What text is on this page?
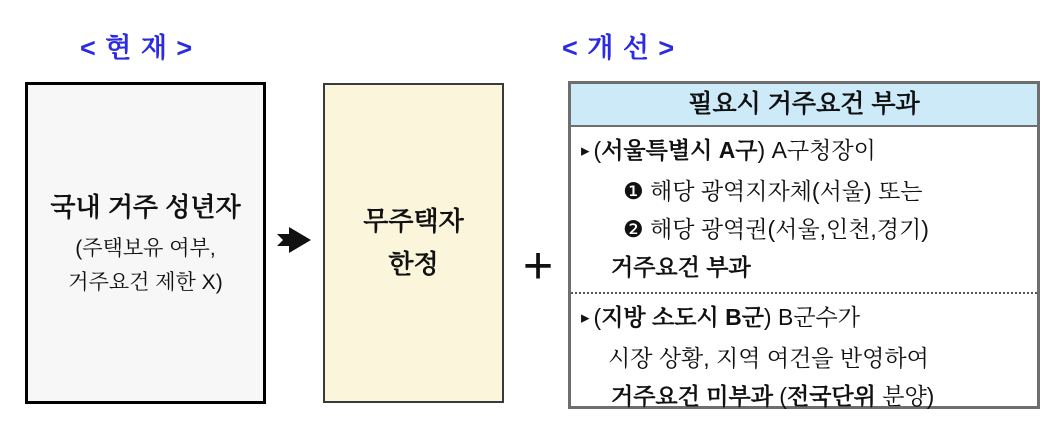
< 현 재 >	< 개 선 >
국내 거주 성년자
(주택보유 여부,
거주요건 제한 X)
무주택자
한정 +
필요시 거주요건 부과
▸ (서울특별시 A구) A구청장이
❶ 해당 광역지자체(서울) 또는
❷ 해당 광역권(서울,인천,경기)
거주요건 부과
▸ (지방 소도시 B군) B군수가
시장 상황, 지역 여건을 반영하여
거주요건 미부과 (전국단위 분양)
